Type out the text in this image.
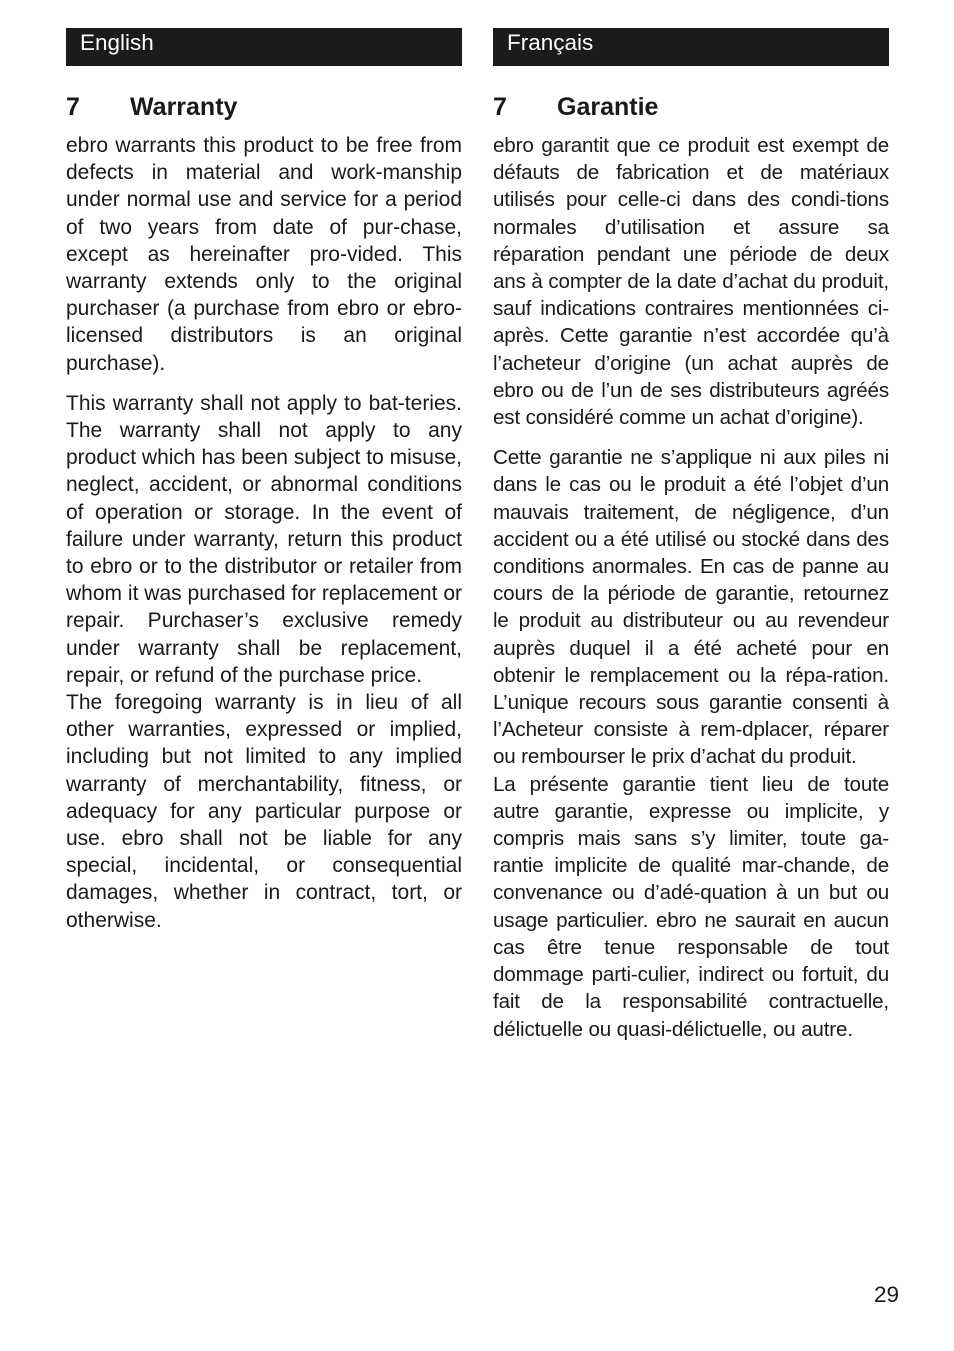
English
7	Warranty

ebro warrants this product to be free from defects in material and work-manship under normal use and service for a period of two years from date of pur-chase, except as hereinafter pro-vided. This warranty extends only to the original purchaser (a purchase from ebro or ebro-licensed distributors is an original purchase).

This warranty shall not apply to bat-teries. The warranty shall not apply to any product which has been subject to misuse, neglect, accident, or abnormal conditions of operation or storage. In the event of failure under warranty, return this product to ebro or to the distributor or retailer from whom it was purchased for replacement or repair. Purchaser’s exclusive remedy under warranty shall be replacement, repair, or refund of the purchase price.

The foregoing warranty is in lieu of all other warranties, expressed or implied, including but not limited to any implied warranty of merchantability, fitness, or adequacy for any particular purpose or use. ebro shall not be liable for any special, incidental, or consequential damages, whether in contract, tort, or otherwise.

Français
7	Garantie

ebro garantit que ce produit est exempt de défauts de fabrication et de matériaux utilisés pour celle-ci dans des condi-tions normales d’utilisation et assure sa réparation pendant une période de deux ans à compter de la date d’achat du produit, sauf indications contraires mentionnées ci-après. Cette garantie n’est accordée qu’à l’acheteur d’origine (un achat auprès de ebro ou de l’un de ses distributeurs agréés est considéré comme un achat d’origine).

Cette garantie ne s’applique ni aux piles ni dans le cas ou le produit a été l’objet d’un mauvais traitement, de négligence, d’un accident ou a été utilisé ou stocké dans des conditions anormales. En cas de panne au cours de la période de garantie, retournez le produit au distributeur ou au revendeur auprès duquel il a été acheté pour en obtenir le remplacement ou la répa-ration. L’unique recours sous garantie consenti à l’Acheteur consiste à rem-dplacer, réparer ou rembourser le prix d’achat du produit.

La présente garantie tient lieu de toute autre garantie, expresse ou implicite, y compris mais sans s’y limiter, toute ga-rantie implicite de qualité mar-chande, de convenance ou d’adé-quation à un but ou usage particulier. ebro ne saurait en aucun cas être tenue responsable de tout dommage parti-culier, indirect ou fortuit, du fait de la responsabilité contractuelle, délictuelle ou quasi-délictuelle, ou autre.

29
